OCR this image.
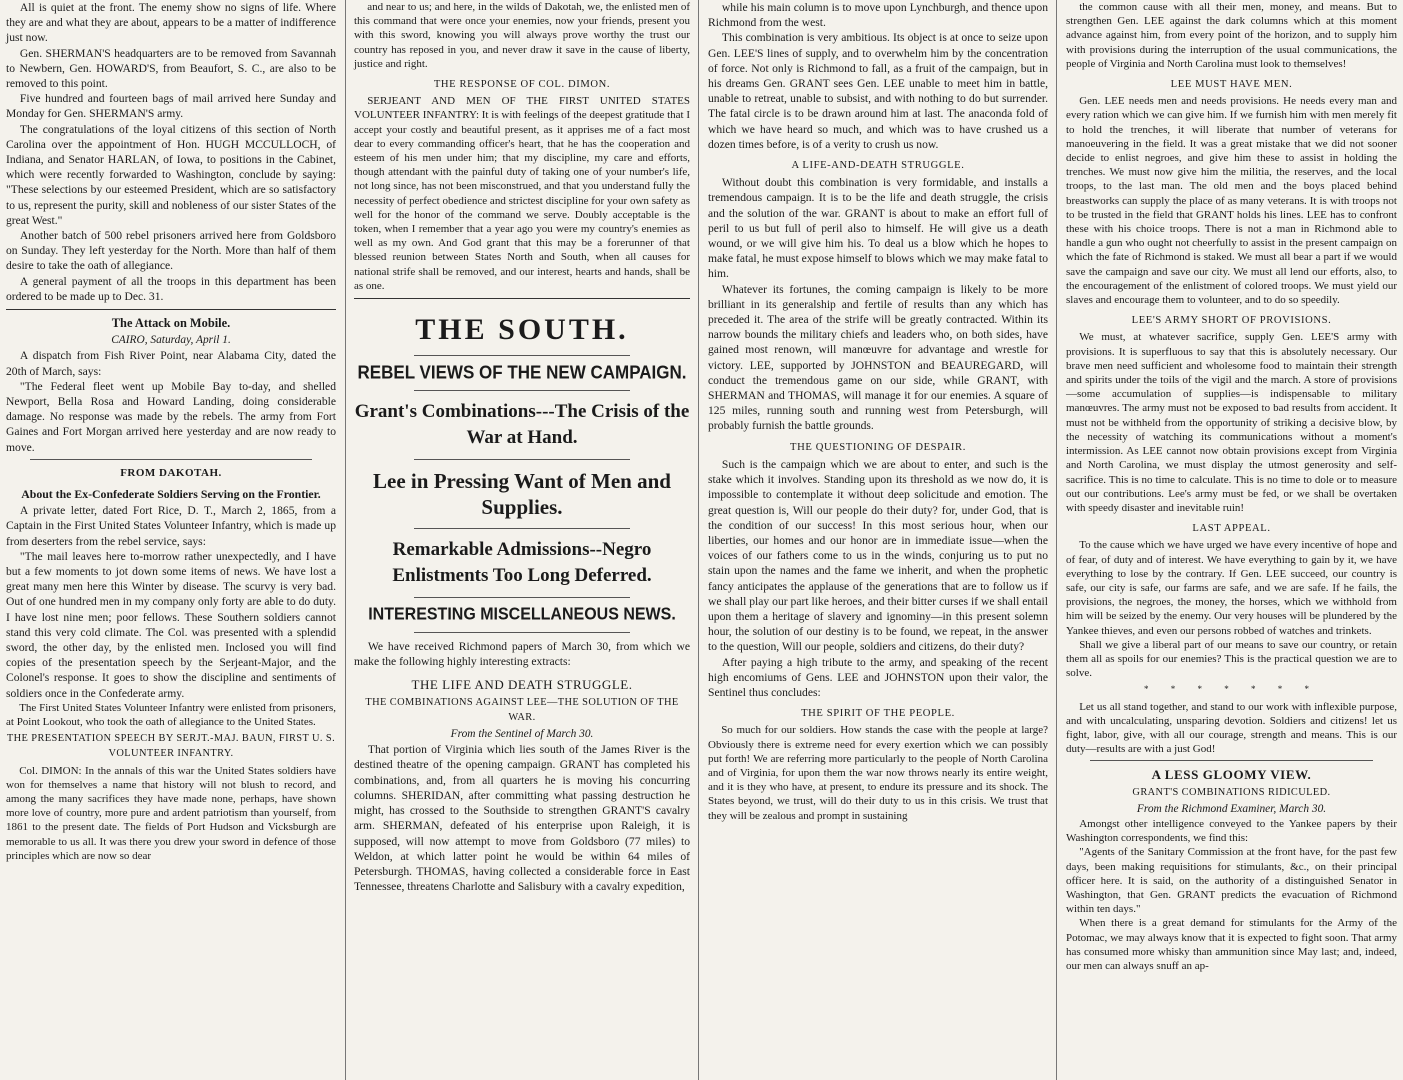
All is quiet at the front. The enemy show no signs of life. Where they are and what they are about, appears to be a matter of indifference just now.

Gen. SHERMAN'S headquarters are to be removed from Savannah to Newbern, Gen. HOWARD'S, from Beaufort, S. C., are also to be removed to this point.

Five hundred and fourteen bags of mail arrived here Sunday and Monday for Gen. SHERMAN'S army.

The congratulations of the loyal citizens of this section of North Carolina over the appointment of Hon. HUGH MCCULLOCH, of Indiana, and Senator HARLAN, of Iowa, to positions in the Cabinet, which were recently forwarded to Washington, conclude by saying: "These selections by our esteemed President, which are so satisfactory to us, represent the purity, skill and nobleness of our sister States of the great West."

Another batch of 500 rebel prisoners arrived here from Goldsboro on Sunday. They left yesterday for the North. More than half of them desire to take the oath of allegiance.

A general payment of all the troops in this department has been ordered to be made up to Dec. 31.

The Attack on Mobile.
CAIRO, Saturday, April 1.

A dispatch from Fish River Point, near Alabama City, dated the 20th of March, says:

"The Federal fleet went up Mobile Bay to-day, and shelled Newport, Bella Rosa and Howard Landing, doing considerable damage. No response was made by the rebels. The army from Fort Gaines and Fort Morgan arrived here yesterday and are now ready to move.

FROM DAKOTAH.
About the Ex-Confederate Soldiers Serving on the Frontier.

A private letter, dated Fort Rice, D. T., March 2, 1865, from a Captain in the First United States Volunteer Infantry, which is made up from deserters from the rebel service, says:

"The mail leaves here to-morrow rather unexpectedly, and I have but a few moments to jot down some items of news. We have lost a great many men here this Winter by disease. The scurvy is very bad. Out of one hundred men in my company only forty are able to do duty. I have lost nine men; poor fellows. These Southern soldiers cannot stand this very cold climate. The Col. was presented with a splendid sword, the other day, by the enlisted men. Inclosed you will find copies of the presentation speech by the Serjeant-Major, and the Colonel's response. It goes to show the discipline and sentiments of soldiers once in the Confederate army.

The First United States Volunteer Infantry were enlisted from prisoners, at Point Lookout, who took the oath of allegiance to the United States.

THE PRESENTATION SPEECH BY SERJT.-MAJ. BAUN, FIRST U. S. VOLUNTEER INFANTRY.

Col. DIMON: In the annals of this war the United States soldiers have won for themselves a name that history will not blush to record, and among the many sacrifices they have made none, perhaps, have shown more love of country, more pure and ardent patriotism than yourself, from 1861 to the present date. The fields of Port Hudson and Vicksburgh are memorable to us all. It was there you drew your sword in defence of those principles which are now so dear

and near to us; and here, in the wilds of Dakotah, we, the enlisted men of this command that were once your enemies, now your friends, present you with this sword, knowing you will always prove worthy the trust our country has reposed in you, and never draw it save in the cause of liberty, justice and right.

THE RESPONSE OF COL. DIMON.

SERJEANT AND MEN OF THE FIRST UNITED STATES VOLUNTEER INFANTRY: It is with feelings of the deepest gratitude that I accept your costly and beautiful present, as it apprises me of a fact most dear to every commanding officer's heart, that he has the cooperation and esteem of his men under him; that my discipline, my care and efforts, though attendant with the painful duty of taking one of your number's life, not long since, has not been misconstrued, and that you understand fully the necessity of perfect obedience and strictest discipline for your own safety as well for the honor of the command we serve. Doubly acceptable is the token, when I remember that a year ago you were my country's enemies as well as my own. And God grant that this may be a forerunner of that blessed reunion between States North and South, when all causes for national strife shall be removed, and our interest, hearts and hands, shall be as one.

THE SOUTH.
REBEL VIEWS OF THE NEW CAMPAIGN.
Grant's Combinations---The Crisis of the War at Hand.
Lee in Pressing Want of Men and Supplies.
Remarkable Admissions--Negro Enlistments Too Long Deferred.
INTERESTING MISCELLANEOUS NEWS.

We have received Richmond papers of March 30, from which we make the following highly interesting extracts:

THE LIFE AND DEATH STRUGGLE.
THE COMBINATIONS AGAINST LEE—THE SOLUTION OF THE WAR.
From the Sentinel of March 30.

That portion of Virginia which lies south of the James River is the destined theatre of the opening campaign. GRANT has completed his combinations, and, from all quarters he is moving his concurring columns. SHERIDAN, after committing what passing destruction he might, has crossed to the Southside to strengthen GRANT'S cavalry arm. SHERMAN, defeated of his enterprise upon Raleigh, it is supposed, will now attempt to move from Goldsboro (77 miles) to Weldon, at which latter point he would be within 64 miles of Petersburgh. THOMAS, having collected a considerable force in East Tennessee, threatens Charlotte and Salisbury with a cavalry expedition,

while his main column is to move upon Lynchburgh, and thence upon Richmond from the west.

This combination is very ambitious. Its object is at once to seize upon Gen. LEE'S lines of supply, and to overwhelm him by the concentration of force. Not only is Richmond to fall, as a fruit of the campaign, but in his dreams Gen. GRANT sees Gen. LEE unable to meet him in battle, unable to retreat, unable to subsist, and with nothing to do but surrender. The fatal circle is to be drawn around him at last. The anaconda fold of which we have heard so much, and which was to have crushed us a dozen times before, is of a verity to crush us now.

A LIFE-AND-DEATH STRUGGLE.

Without doubt this combination is very formidable, and installs a tremendous campaign. It is to be the life and death struggle, the crisis and the solution of the war. GRANT is about to make an effort full of peril to us but full of peril also to himself. He will give us a death wound, or we will give him his. To deal us a blow which he hopes to make fatal, he must expose himself to blows which we may make fatal to him.

Whatever its fortunes, the coming campaign is likely to be more brilliant in its generalship and fertile of results than any which has preceded it. The area of the strife will be greatly contracted. Within its narrow bounds the military chiefs and leaders who, on both sides, have gained most renown, will manœuvre for advantage and wrestle for victory. LEE, supported by JOHNSTON and BEAUREGARD, will conduct the tremendous game on our side, while GRANT, with SHERMAN and THOMAS, will manage it for our enemies. A square of 125 miles, running south and running west from Petersburgh, will probably furnish the battle grounds.

THE QUESTIONING OF DESPAIR.

Such is the campaign which we are about to enter, and such is the stake which it involves. Standing upon its threshold as we now do, it is impossible to contemplate it without deep solicitude and emotion. The great question is, Will our people do their duty? for, under God, that is the condition of our success! In this most serious hour, when our liberties, our homes and our honor are in immediate issue—when the voices of our fathers come to us in the winds, conjuring us to put no stain upon the names and the fame we inherit, and when the prophetic fancy anticipates the applause of the generations that are to follow us if we shall play our part like heroes, and their bitter curses if we shall entail upon them a heritage of slavery and ignominy—in this present solemn hour, the solution of our destiny is to be found, we repeat, in the answer to the question, Will our people, soldiers and citizens, do their duty?

After paying a high tribute to the army, and speaking of the recent high encomiums of Gens. LEE and JOHNSTON upon their valor, the Sentinel thus concludes:

THE SPIRIT OF THE PEOPLE.

So much for our soldiers. How stands the case with the people at large? Obviously there is extreme need for every exertion which we can possibly put forth! We are referring more particularly to the people of North Carolina and of Virginia, for upon them the war now throws nearly its entire weight, and it is they who have, at present, to endure its pressure and its shock. The States beyond, we trust, will do their duty to us in this crisis. We trust that they will be zealous and prompt in sustaining

the common cause with all their men, money, and means. But to strengthen Gen. LEE against the dark columns which at this moment advance against him, from every point of the horizon, and to supply him with provisions during the interruption of the usual communications, the people of Virginia and North Carolina must look to themselves!

LEE MUST HAVE MEN.

Gen. LEE needs men and needs provisions. He needs every man and every ration which we can give him. If we furnish him with men merely fit to hold the trenches, it will liberate that number of veterans for manoeuvering in the field. It was a great mistake that we did not sooner decide to enlist negroes, and give him these to assist in holding the trenches. We must now give him the militia, the reserves, and the local troops, to the last man. The old men and the boys placed behind breastworks can supply the place of as many veterans. It is with troops not to be trusted in the field that GRANT holds his lines. LEE has to confront these with his choice troops. There is not a man in Richmond able to handle a gun who ought not cheerfully to assist in the present campaign on which the fate of Richmond is staked. We must all bear a part if we would save the campaign and save our city. We must all lend our efforts, also, to the encouragement of the enlistment of colored troops. We must yield our slaves and encourage them to volunteer, and to do so speedily.

LEE'S ARMY SHORT OF PROVISIONS.

We must, at whatever sacrifice, supply Gen. LEE'S army with provisions. It is superfluous to say that this is absolutely necessary. Our brave men need sufficient and wholesome food to maintain their strength and spirits under the toils of the vigil and the march. A store of provisions—some accumulation of supplies—is indispensable to military manœuvres. The army must not be exposed to bad results from accident. It must not be withheld from the opportunity of striking a decisive blow, by the necessity of watching its communications without a moment's intermission. As LEE cannot now obtain provisions except from Virginia and North Carolina, we must display the utmost generosity and self-sacrifice. This is no time to calculate. This is no time to dole or to measure out our contributions. Lee's army must be fed, or we shall be overtaken with speedy disaster and inevitable ruin!

LAST APPEAL.

To the cause which we have urged we have every incentive of hope and of fear, of duty and of interest. We have everything to gain by it, we have everything to lose by the contrary. If Gen. LEE succeed, our country is safe, our city is safe, our farms are safe, and we are safe. If he fails, the provisions, the negroes, the money, the horses, which we withhold from him will be seized by the enemy. Our very houses will be plundered by the Yankee thieves, and even our persons robbed of watches and trinkets.

Shall we give a liberal part of our means to save our country, or retain them all as spoils for our enemies? This is the practical question we are to solve.

* * * * * * *

Let us all stand together, and stand to our work with inflexible purpose, and with uncalculating, unsparing devotion. Soldiers and citizens! let us fight, labor, give, with all our courage, strength and means. This is our duty—results are with a just God!

A LESS GLOOMY VIEW.
GRANT'S COMBINATIONS RIDICULED.
From the Richmond Examiner, March 30.

Amongst other intelligence conveyed to the Yankee papers by their Washington correspondents, we find this:

"Agents of the Sanitary Commission at the front have, for the past few days, been making requisitions for stimulants, &c., on their principal officer here. It is said, on the authority of a distinguished Senator in Washington, that Gen. GRANT predicts the evacuation of Richmond within ten days."

When there is a great demand for stimulants for the Army of the Potomac, we may always know that it is expected to fight soon. That army has consumed more whisky than ammunition since May last; and, indeed, our men can always snuff an ap-
